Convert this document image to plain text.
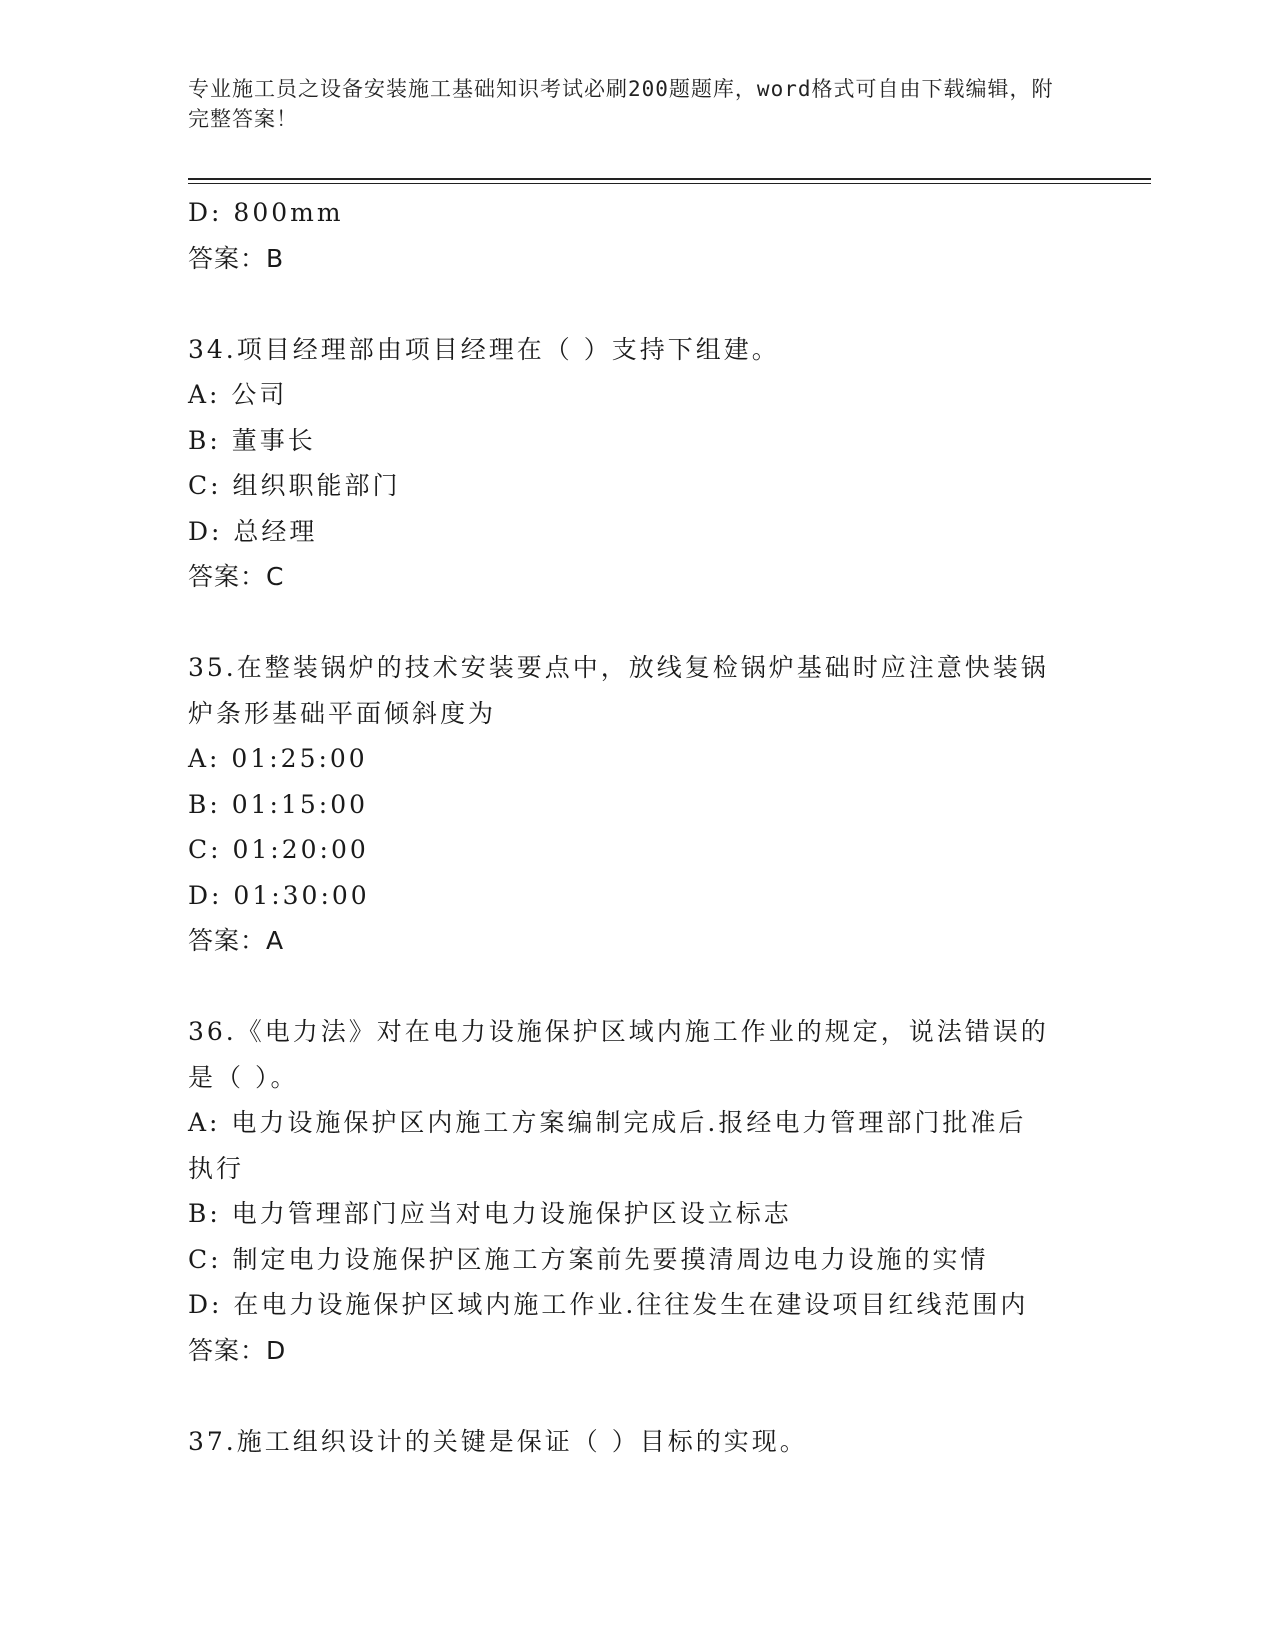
专业施工员之设备安装施工基础知识考试必刷200题题库，word格式可自由下载编辑，附完整答案！
D: 800mm
答案：B
34.项目经理部由项目经理在（ ）支持下组建。
A: 公司
B: 董事长
C: 组织职能部门
D: 总经理
答案：C
35.在整装锅炉的技术安装要点中，放线复检锅炉基础时应注意快装锅
炉条形基础平面倾斜度为
A: 01:25:00
B: 01:15:00
C: 01:20:00
D: 01:30:00
答案：A
36.《电力法》对在电力设施保护区域内施工作业的规定，说法错误的
是（ ）。
A: 电力设施保护区内施工方案编制完成后.报经电力管理部门批准后
执行
B: 电力管理部门应当对电力设施保护区设立标志
C: 制定电力设施保护区施工方案前先要摸清周边电力设施的实情
D: 在电力设施保护区域内施工作业.往往发生在建设项目红线范围内
答案：D
37.施工组织设计的关键是保证（ ）目标的实现。
